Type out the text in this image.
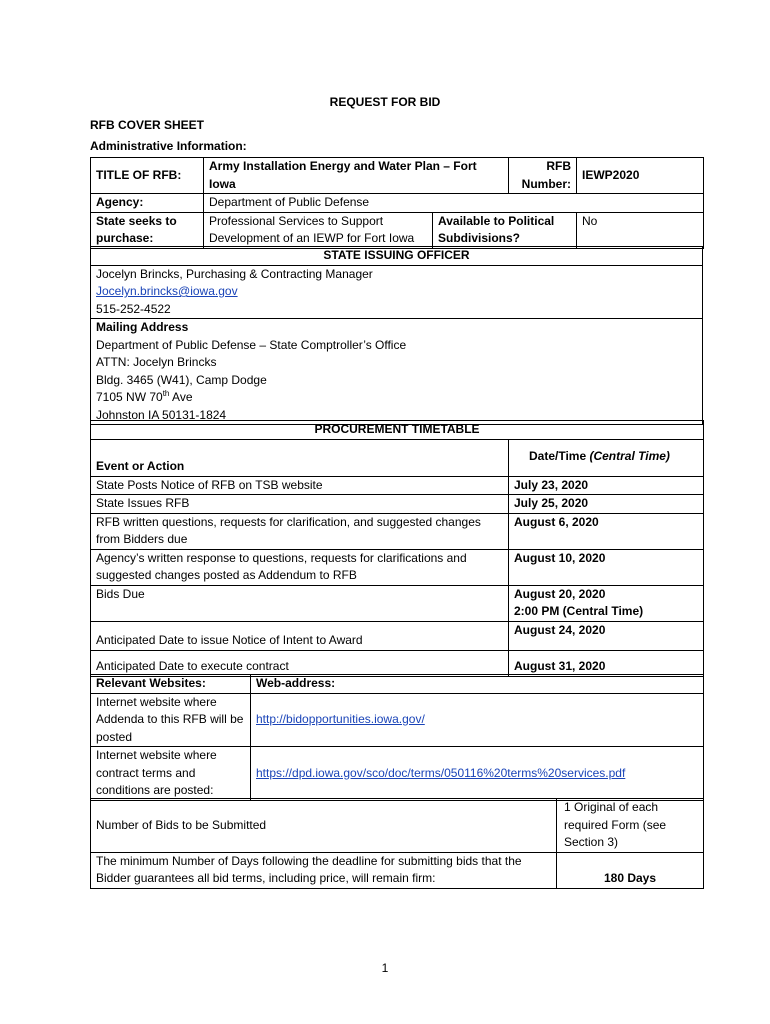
REQUEST FOR BID
RFB COVER SHEET
Administrative Information:
TITLE OF RFB:	Army Installation Energy and Water Plan – Fort Iowa		RFB Number:	IEWP2020
Agency:	Department of Public Defense			
State seeks to purchase:	Professional Services to Support Development of an IEWP for Fort Iowa	Available to Political Subdivisions?		No
STATE ISSUING OFFICER

Jocelyn Brincks, Purchasing & Contracting Manager
Jocelyn.brincks@iowa.gov
515-252-4522

Mailing Address
Department of Public Defense – State Comptroller’s Office
ATTN: Jocelyn Brincks
Bldg. 3465 (W41), Camp Dodge
7105 NW 70th Ave
Johnston IA 50131-1824
PROCUREMENT TIMETABLE	
Event or Action	Date/Time (Central Time)
State Posts Notice of RFB on TSB website	July 23, 2020
State Issues RFB	July 25, 2020
RFB written questions, requests for clarification, and suggested changes from Bidders due	August 6, 2020
Agency’s written response to questions, requests for clarifications and suggested changes posted as Addendum to RFB	August 10, 2020
Bids Due	August 20, 2020
2:00 PM (Central Time)

Anticipated Date to issue Notice of Intent to Award	August 24, 2020
Anticipated Date to execute contract	August 31, 2020
Relevant Websites:	Web-address:
Internet website where Addenda to this RFB will be posted	http://bidopportunities.iowa.gov/
Internet website where contract terms and conditions are posted:	https://dpd.iowa.gov/sco/doc/terms/050116%20terms%20services.pdf
Number of Bids to be Submitted	1 Original of each required Form (see Section 3)
The minimum Number of Days following the deadline for submitting bids that the Bidder guarantees all bid terms, including price, will remain firm:	180 Days
1
